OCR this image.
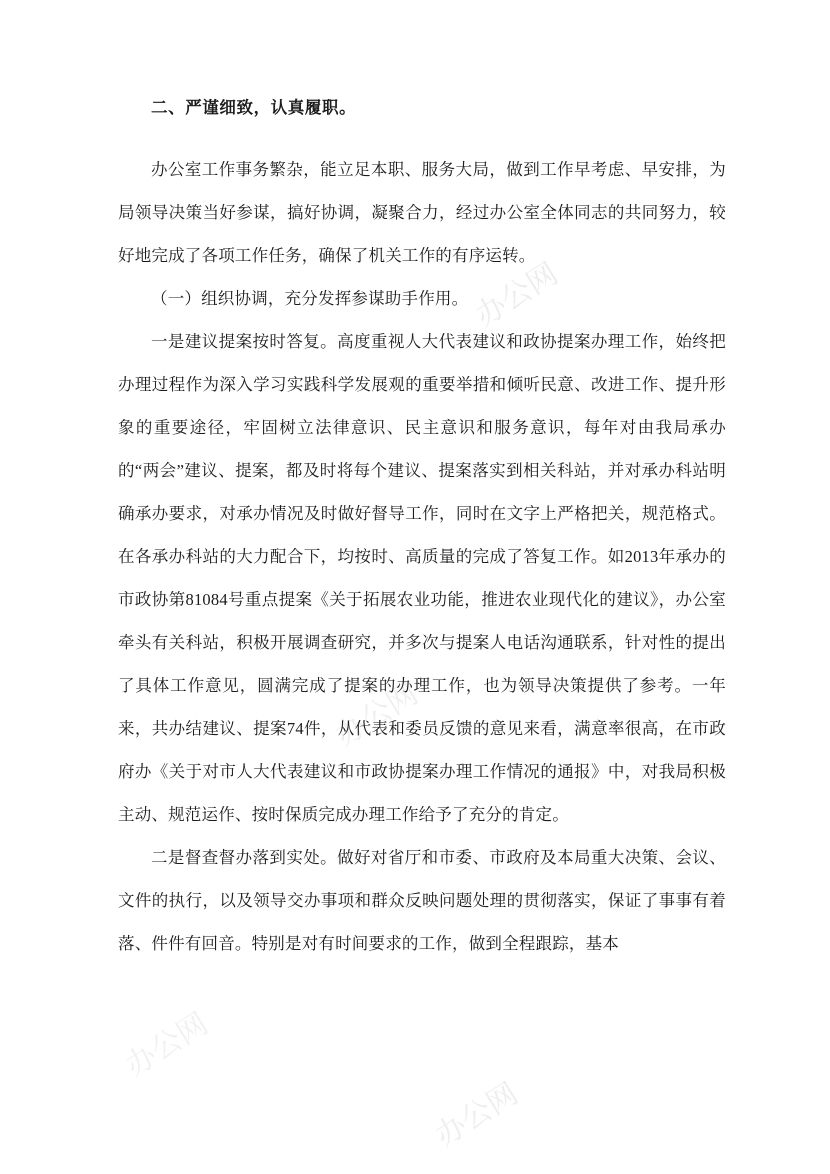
办公网
办公网
办公网
办公网

二、严谨细致，认真履职。

办公室工作事务繁杂，能立足本职、服务大局，做到工作早考虑、早安排，为局领导决策当好参谋，搞好协调，凝聚合力，经过办公室全体同志的共同努力，较好地完成了各项工作任务，确保了机关工作的有序运转。

（一）组织协调，充分发挥参谋助手作用。

一是建议提案按时答复。高度重视人大代表建议和政协提案办理工作，始终把办理过程作为深入学习实践科学发展观的重要举措和倾听民意、改进工作、提升形象的重要途径，牢固树立法律意识、民主意识和服务意识，每年对由我局承办的“两会”建议、提案，都及时将每个建议、提案落实到相关科站，并对承办科站明确承办要求，对承办情况及时做好督导工作，同时在文字上严格把关，规范格式。在各承办科站的大力配合下，均按时、高质量的完成了答复工作。如2013年承办的市政协第81084号重点提案《关于拓展农业功能，推进农业现代化的建议》，办公室牵头有关科站，积极开展调查研究，并多次与提案人电话沟通联系，针对性的提出了具体工作意见，圆满完成了提案的办理工作，也为领导决策提供了参考。一年来，共办结建议、提案74件，从代表和委员反馈的意见来看，满意率很高，在市政府办《关于对市人大代表建议和市政协提案办理工作情况的通报》中，对我局积极主动、规范运作、按时保质完成办理工作给予了充分的肯定。

二是督查督办落到实处。做好对省厅和市委、市政府及本局重大决策、会议、文件的执行，以及领导交办事项和群众反映问题处理的贯彻落实，保证了事事有着落、件件有回音。特别是对有时间要求的工作，做到全程跟踪，基本
